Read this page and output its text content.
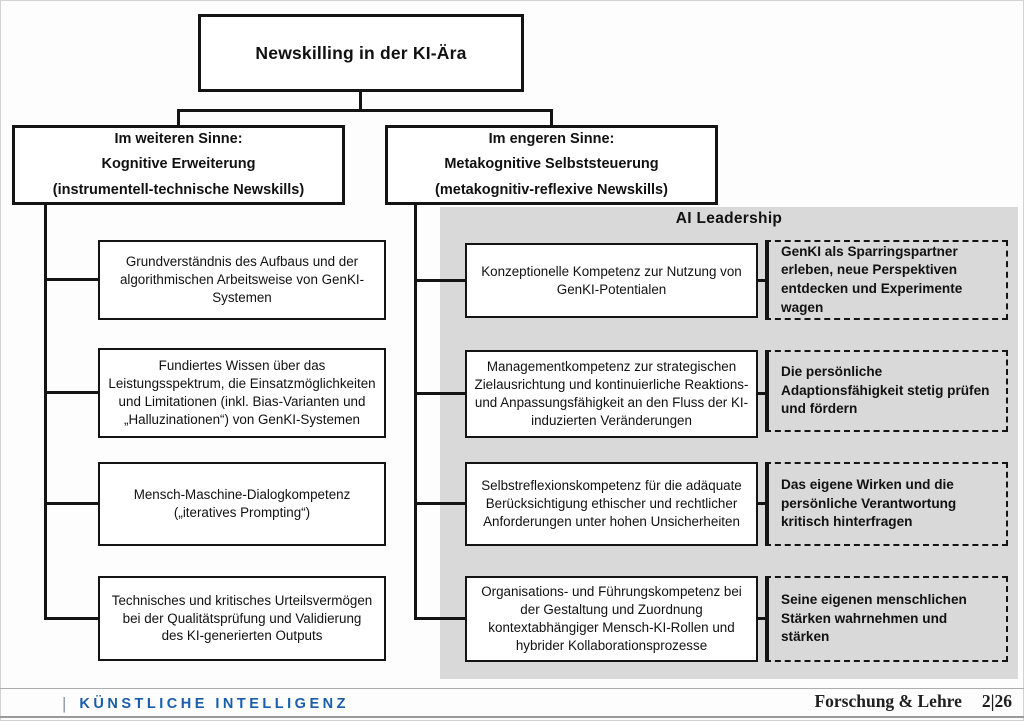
AI Leadership
Newskilling in der KI-Ära
Im weiteren Sinne:
Kognitive Erweiterung
(instrumentell-technische Newskills)
Im engeren Sinne:
Metakognitive Selbststeuerung
(metakognitiv-reflexive Newskills)
Grundverständnis des Aufbaus und der algorithmischen Arbeitsweise von GenKI-Systemen
Fundiertes Wissen über das Leistungsspektrum, die Einsatzmöglichkeiten und Limitationen (inkl. Bias-Varianten und „Halluzinationen“) von GenKI-Systemen
Mensch-Maschine-Dialogkompetenz („iteratives Prompting“)
Technisches und kritisches Urteilsvermögen bei der Qualitätsprüfung und Validierung des KI-generierten Outputs
Konzeptionelle Kompetenz zur Nutzung von GenKI-Potentialen
Managementkompetenz zur strategischen Zielausrichtung und kontinuierliche Reaktions- und Anpassungsfähigkeit an den Fluss der KI-induzierten Veränderungen
Selbstreflexionskompetenz für die adäquate Berücksichtigung ethischer und rechtlicher Anforderungen unter hohen Unsicherheiten
Organisations- und Führungskompetenz bei der Gestaltung und Zuordnung kontextabhängiger Mensch-KI-Rollen und hybrider Kollaborationsprozesse
GenKI als Sparringspartner erleben, neue Perspektiven entdecken und Experimente wagen
Die persönliche Adaptionsfähigkeit stetig prüfen und fördern
Das eigene Wirken und die persönliche Verantwortung kritisch hinterfragen
Seine eigenen menschlichen Stärken wahrnehmen und stärken
| KÜNSTLICHE INTELLIGENZ	Forschung & Lehre 2|26
